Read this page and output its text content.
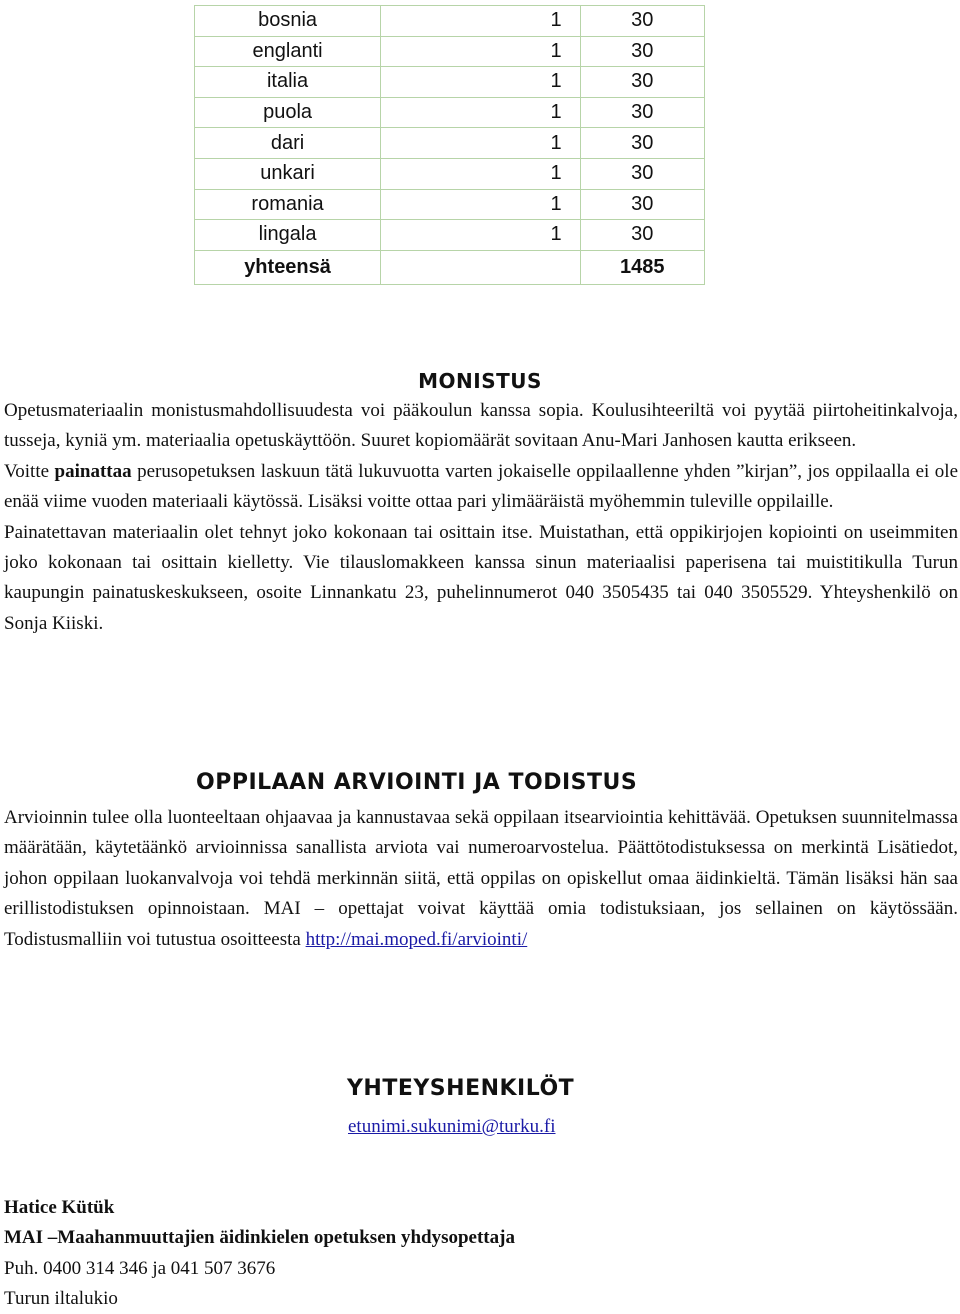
bosnia	1	30
englanti	1	30
italia	1	30
puola	1	30
dari	1	30
unkari	1	30
romania	1	30
lingala	1	30
yhteensä		1485
MONISTUS

Opetusmateriaalin monistusmahdollisuudesta voi pääkoulun kanssa sopia. Koulusihteeriltä voi pyytää piirtoheitinkalvoja, tusseja, kyniä ym. materiaalia opetuskäyttöön. Suuret kopiomäärät sovitaan Anu-Mari Janhosen kautta erikseen.
Voitte painattaa perusopetuksen laskuun tätä lukuvuotta varten jokaiselle oppilaallenne yhden ”kirjan”, jos oppilaalla ei ole enää viime vuoden materiaali käytössä. Lisäksi voitte ottaa pari ylimääräistä myöhemmin tuleville oppilaille.
Painatettavan materiaalin olet tehnyt joko kokonaan tai osittain itse. Muistathan, että oppikirjojen kopiointi on useimmiten joko kokonaan tai osittain kielletty. Vie tilauslomakkeen kanssa sinun materiaalisi paperisena tai muistitikulla Turun kaupungin painatuskeskukseen, osoite Linnankatu 23, puhelinnumerot 040 3505435 tai 040 3505529. Yhteyshenkilö on Sonja Kiiski.

OPPILAAN ARVIOINTI JA TODISTUS

Arvioinnin tulee olla luonteeltaan ohjaavaa ja kannustavaa sekä oppilaan itsearviointia kehittävää. Opetuksen suunnitelmassa määrätään, käytetäänkö arvioinnissa sanallista arviota vai numeroarvostelua. Päättötodistuksessa on merkintä Lisätiedot, johon oppilaan luokanvalvoja voi tehdä merkinnän siitä, että oppilas on opiskellut omaa äidinkieltä. Tämän lisäksi hän saa erillistodistuksen opinnoistaan. MAI – opettajat voivat käyttää omia todistuksiaan, jos sellainen on käytössään. Todistusmalliin voi tutustua osoitteesta http://mai.moped.fi/arviointi/

YHTEYSHENKILÖT
etunimi.sukunimi@turku.fi

Hatice Kütük

MAI –Maahanmuuttajien äidinkielen opetuksen yhdysopettaja

Puh. 0400 314 346 ja 041 507 3676

Turun iltalukio
